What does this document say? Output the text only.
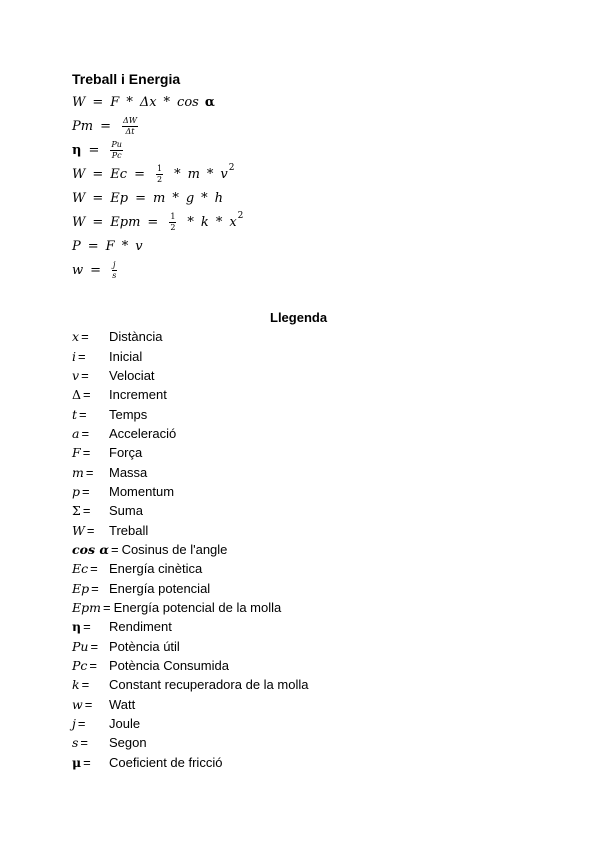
Treball i Energia
W = F * Δx * cos α
$Pm = \frac{\Delta W}{\Delta t}$
$\eta = \frac{Pu}{Pc}$
$W = Ec = \frac{1}{2} * m * v^2$
W = Ep = m * g * h
W = Epm = $\frac{1}{2}$ * k * $x^2$
P = F * v
$w = \frac{j}{s}$
Llegenda
x =	Distància
i =	Inicial
v =	Velociat
Δ =	Increment
t =	Temps
a =	Acceleració
F =	Força
m =	Massa
p =	Momentum
Σ =	Suma
W =	Treball
cos α = Cosinus de l'angle
Ec = Energía cinètica
Ep = Energía potencial
Epm = Energía potencial de la molla
η =	Rendiment
Pu = Potència útil
Pc = Potència Consumida
k =	Constant recuperadora de la molla
w =	Watt
j =	Joule
s =	Segon
μ =	Coeficient de fricció
